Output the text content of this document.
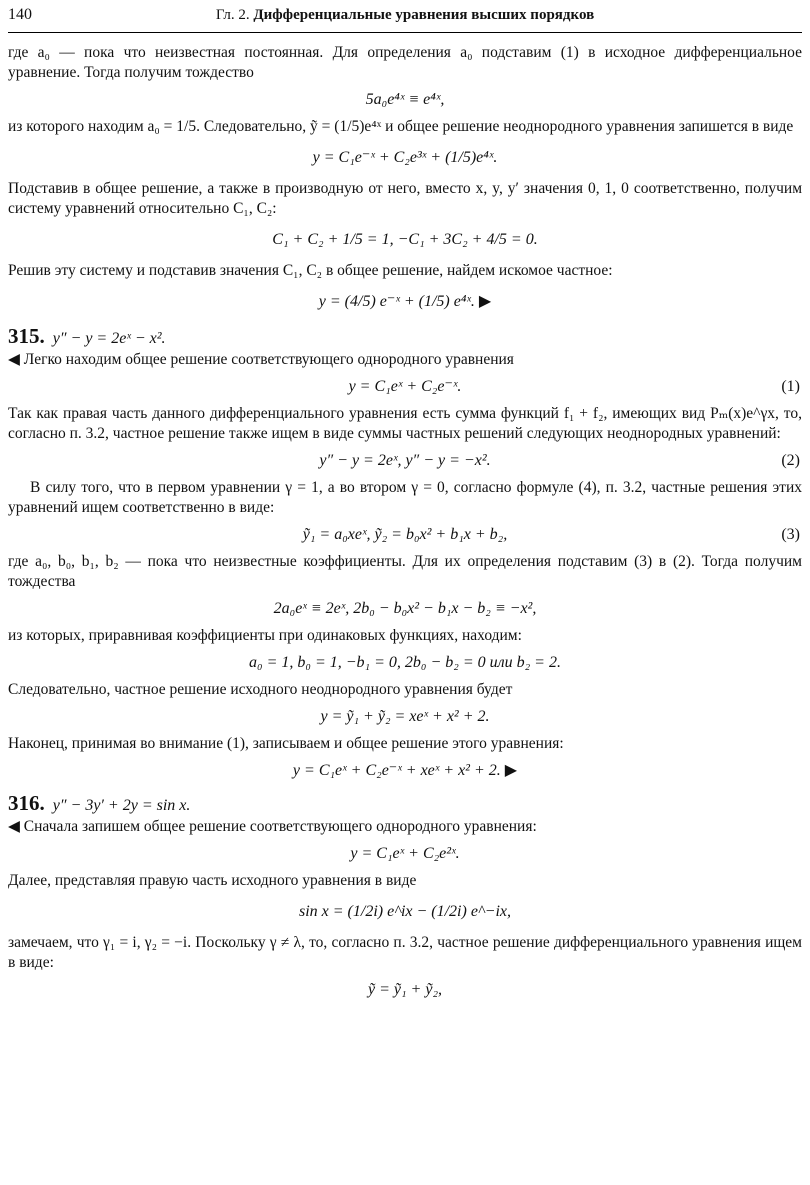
140	Гл. 2. Дифференциальные уравнения высших порядков

где a₀ — пока что неизвестная постоянная. Для определения a₀ подставим (1) в исходное дифференциальное уравнение. Тогда получим тождество

5a₀e⁴ˣ ≡ e⁴ˣ,

из которого находим a₀ = 1/5. Следовательно, ỹ = (1/5)e⁴ˣ и общее решение неоднородного уравнения запишется в виде

y = C₁e⁻ˣ + C₂e³ˣ + (1/5)e⁴ˣ.

Подставив в общее решение, а также в производную от него, вместо x, y, y′ значения 0, 1, 0 соответственно, получим систему уравнений относительно C₁, C₂:

C₁ + C₂ + 1/5 = 1, −C₁ + 3C₂ + 4/5 = 0.

Решив эту систему и подставив значения C₁, C₂ в общее решение, найдем искомое частное:

y = (4/5) e⁻ˣ + (1/5) e⁴ˣ. ▶
315. y″ − y = 2eˣ − x².

◀ Легко находим общее решение соответствующего однородного уравнения

y = C₁eˣ + C₂e⁻ˣ.	(1)

Так как правая часть данного дифференциального уравнения есть сумма функций f₁ + f₂, имеющих вид Pₘ(x)e^γx, то, согласно п. 3.2, частное решение также ищем в виде суммы частных решений следующих неоднородных уравнений:

y″ − y = 2eˣ, y″ − y = −x².	(2)

В силу того, что в первом уравнении γ = 1, а во втором γ = 0, согласно формуле (4), п. 3.2, частные решения этих уравнений ищем соответственно в виде:

ỹ₁ = a₀xeˣ, ỹ₂ = b₀x² + b₁x + b₂,	(3)

где a₀, b₀, b₁, b₂ — пока что неизвестные коэффициенты. Для их определения подставим (3) в (2). Тогда получим тождества

2a₀eˣ ≡ 2eˣ, 2b₀ − b₀x² − b₁x − b₂ ≡ −x²,

из которых, приравнивая коэффициенты при одинаковых функциях, находим:

a₀ = 1, b₀ = 1, −b₁ = 0, 2b₀ − b₂ = 0 или b₂ = 2.

Следовательно, частное решение исходного неоднородного уравнения будет

y = ỹ₁ + ỹ₂ = xeˣ + x² + 2.

Наконец, принимая во внимание (1), записываем и общее решение этого уравнения:

y = C₁eˣ + C₂e⁻ˣ + xeˣ + x² + 2. ▶
316. y″ − 3y′ + 2y = sin x.

◀ Сначала запишем общее решение соответствующего однородного уравнения:

y = C₁eˣ + C₂e²ˣ.

Далее, представляя правую часть исходного уравнения в виде

sin x = (1/2i) e^ix − (1/2i) e^−ix,

замечаем, что γ₁ = i, γ₂ = −i. Поскольку γ ≠ λ, то, согласно п. 3.2, частное решение дифференциального уравнения ищем в виде:

ỹ = ỹ₁ + ỹ₂,
